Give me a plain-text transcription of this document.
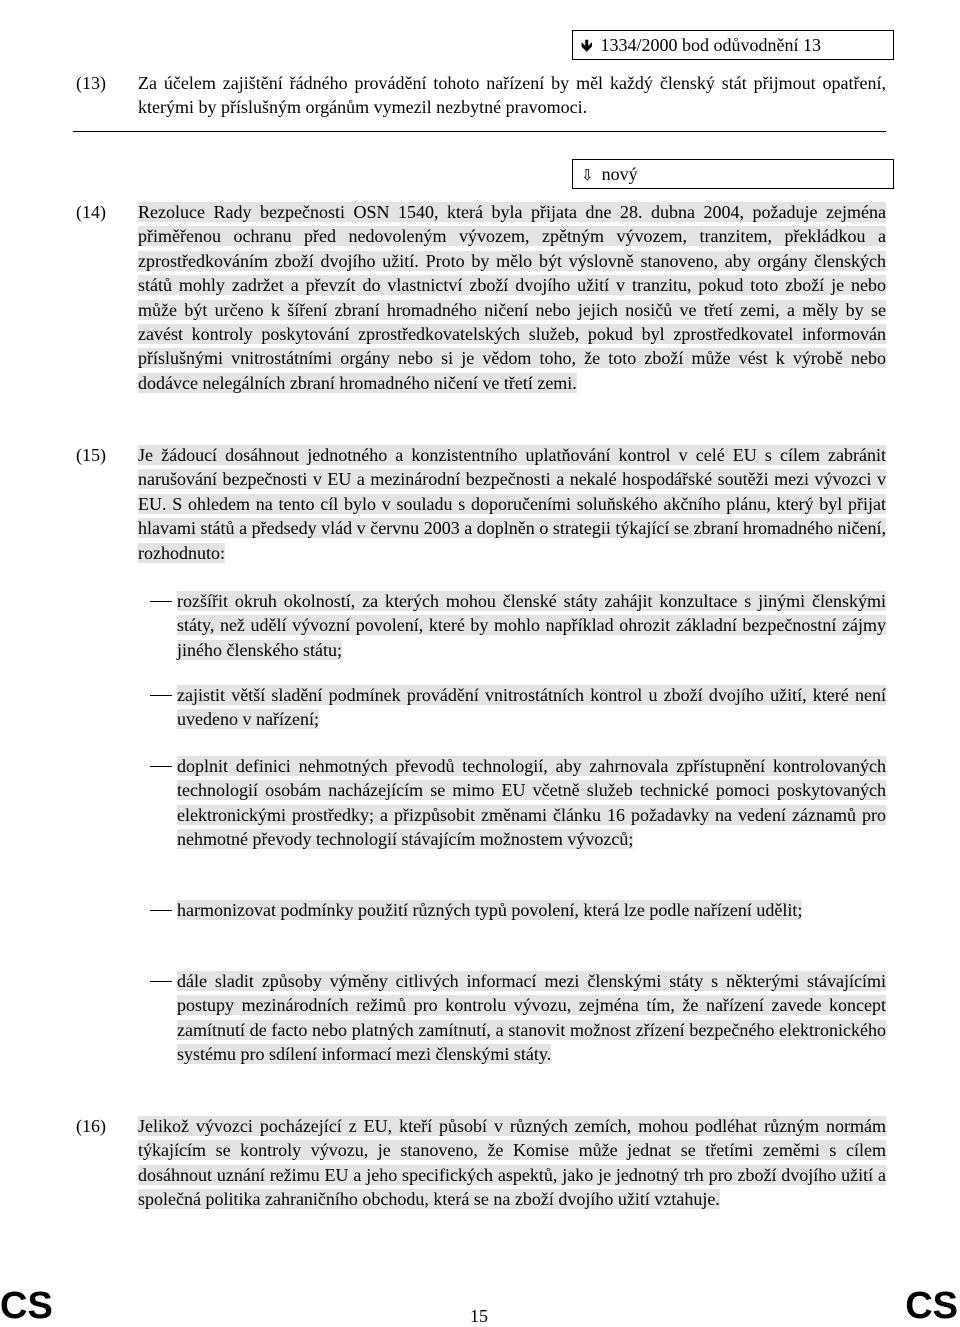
🡻 1334/2000 bod odůvodnění 13
(13) Za účelem zajištění řádného provádění tohoto nařízení by měl každý členský stát přijmout opatření, kterými by příslušným orgánům vymezil nezbytné pravomoci.
⇩ nový
(14) Rezoluce Rady bezpečnosti OSN 1540, která byla přijata dne 28. dubna 2004, požaduje zejména přiměřenou ochranu před nedovoleným vývozem, zpětným vývozem, tranzitem, překládkou a zprostředkováním zboží dvojího užití. Proto by mělo být výslovně stanoveno, aby orgány členských států mohly zadržet a převzít do vlastnictví zboží dvojího užití v tranzitu, pokud toto zboží je nebo může být určeno k šíření zbraní hromadného ničení nebo jejich nosičů ve třetí zemi, a měly by se zavést kontroly poskytování zprostředkovatelských služeb, pokud byl zprostředkovatel informován příslušnými vnitrostátními orgány nebo si je vědom toho, že toto zboží může vést k výrobě nebo dodávce nelegálních zbraní hromadného ničení ve třetí zemi.
(15) Je žádoucí dosáhnout jednotného a konzistentního uplatňování kontrol v celé EU s cílem zabránit narušování bezpečnosti v EU a mezinárodní bezpečnosti a nekalé hospodářské soutěži mezi vývozci v EU. S ohledem na tento cíl bylo v souladu s doporučeními soluňského akčního plánu, který byl přijat hlavami států a předsedy vlád v červnu 2003 a doplněn o strategii týkající se zbraní hromadného ničení, rozhodnuto:
rozšířit okruh okolností, za kterých mohou členské státy zahájit konzultace s jinými členskými státy, než udělí vývozní povolení, které by mohlo například ohrozit základní bezpečnostní zájmy jiného členského státu;
zajistit větší sladění podmínek provádění vnitrostátních kontrol u zboží dvojího užití, které není uvedeno v nařízení;
doplnit definici nehmotných převodů technologií, aby zahrnovala zpřístupnění kontrolovaných technologií osobám nacházejícím se mimo EU včetně služeb technické pomoci poskytovaných elektronickými prostředky; a přizpůsobit změnami článku 16 požadavky na vedení záznamů pro nehmotné převody technologií stávajícím možnostem vývozců;
harmonizovat podmínky použití různých typů povolení, která lze podle nařízení udělit;
dále sladit způsoby výměny citlivých informací mezi členskými státy s některými stávajícími postupy mezinárodních režimů pro kontrolu vývozu, zejména tím, že nařízení zavede koncept zamítnutí de facto nebo platných zamítnutí, a stanovit možnost zřízení bezpečného elektronického systému pro sdílení informací mezi členskými státy.
(16) Jelikož vývozci pocházející z EU, kteří působí v různých zemích, mohou podléhat různým normám týkajícím se kontroly vývozu, je stanoveno, že Komise může jednat se třetími zeměmi s cílem dosáhnout uznání režimu EU a jeho specifických aspektů, jako je jednotný trh pro zboží dvojího užití a společná politika zahraničního obchodu, která se na zboží dvojího užití vztahuje.
CS	15	CS
